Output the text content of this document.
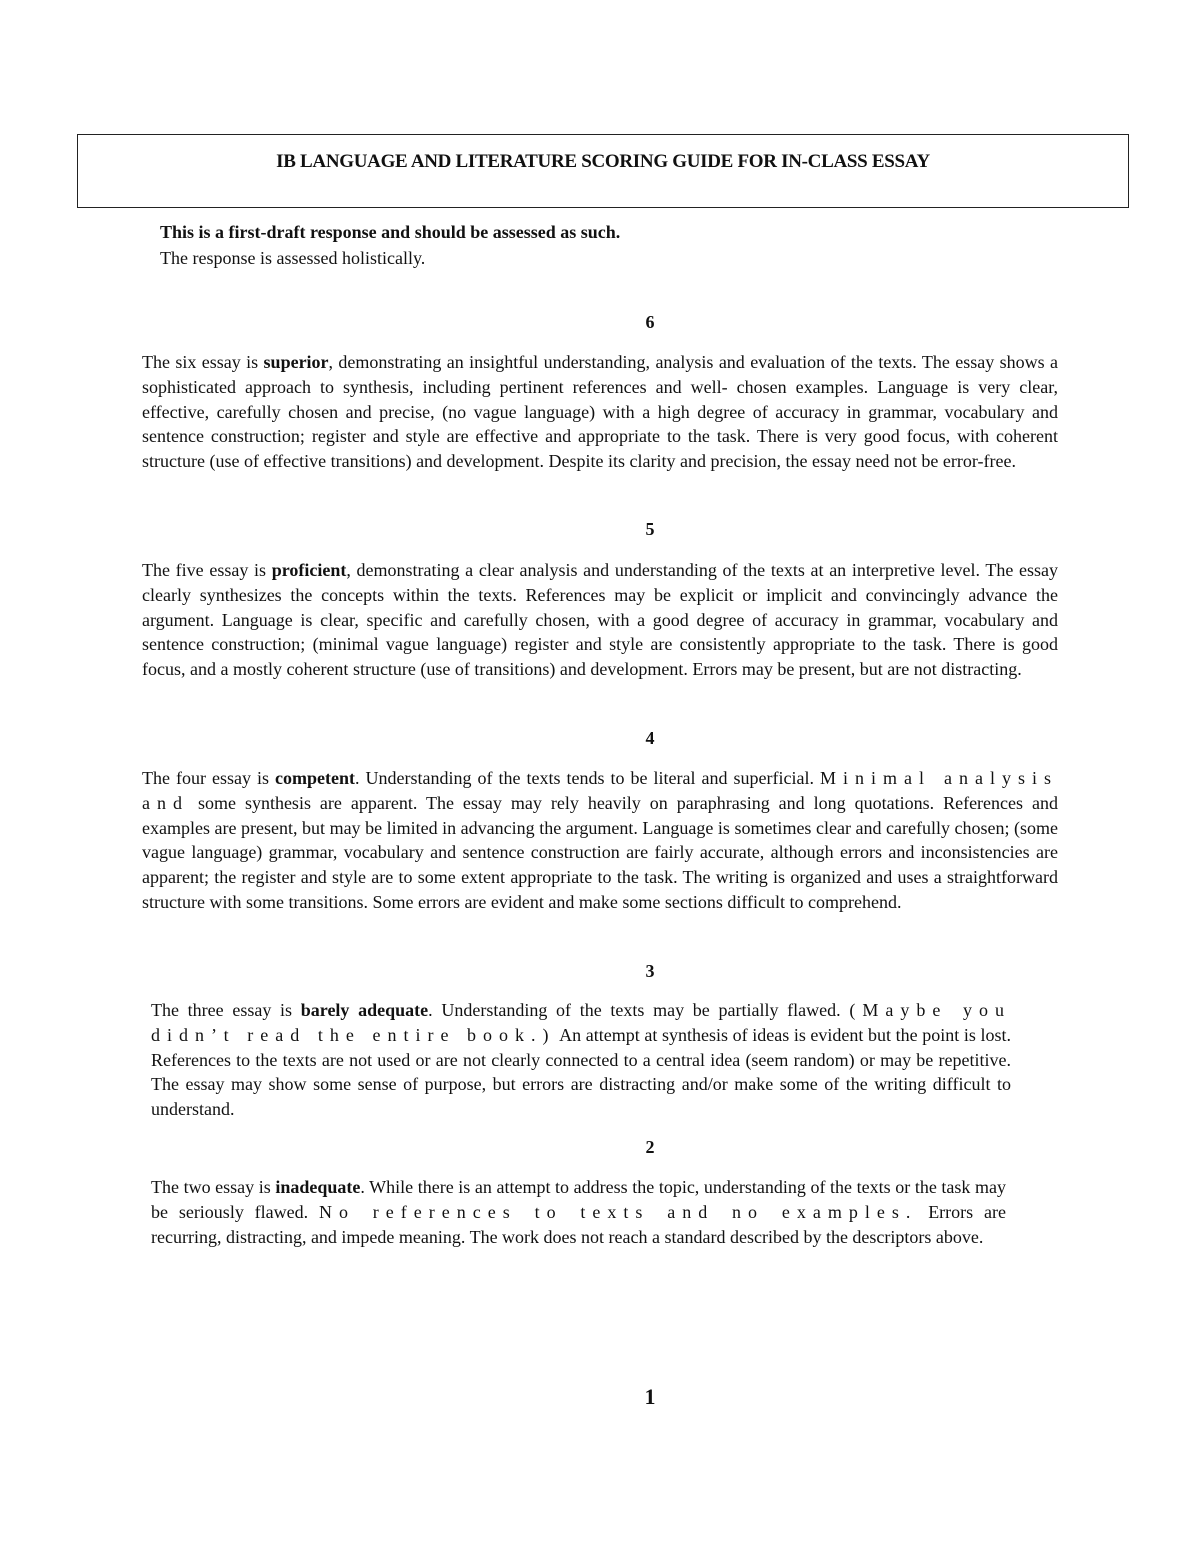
IB LANGUAGE AND LITERATURE SCORING GUIDE FOR IN-CLASS ESSAY
This is a first-draft response and should be assessed as such.
The response is assessed holistically.
6

The six essay is superior, demonstrating an insightful understanding, analysis and evaluation of the texts. The essay shows a sophisticated approach to synthesis, including pertinent references and well- chosen examples. Language is very clear, effective, carefully chosen and precise, (no vague language) with a high degree of accuracy in grammar, vocabulary and sentence construction; register and style are effective and appropriate to the task. There is very good focus, with coherent structure (use of effective transitions) and development. Despite its clarity and precision, the essay need not be error-free.

5

The five essay is proficient, demonstrating a clear analysis and understanding of the texts at an interpretive level. The essay clearly synthesizes the concepts within the texts. References may be explicit or implicit and convincingly advance the argument. Language is clear, specific and carefully chosen, with a good degree of accuracy in grammar, vocabulary and sentence construction; (minimal vague language) register and style are consistently appropriate to the task. There is good focus, and a mostly coherent structure (use of transitions) and development. Errors may be present, but are not distracting.

4

The four essay is competent. Understanding of the texts tends to be literal and superficial. Minimal analysis and some synthesis are apparent. The essay may rely heavily on paraphrasing and long quotations. References and examples are present, but may be limited in advancing the argument. Language is sometimes clear and carefully chosen; (some vague language) grammar, vocabulary and sentence construction are fairly accurate, although errors and inconsistencies are apparent; the register and style are to some extent appropriate to the task. The writing is organized and uses a straightforward structure with some transitions. Some errors are evident and make some sections difficult to comprehend.

3

The three essay is barely adequate. Understanding of the texts may be partially flawed. (Maybe you didn’t read the entire book.) An attempt at synthesis of ideas is evident but the point is lost. References to the texts are not used or are not clearly connected to a central idea (seem random) or may be repetitive. The essay may show some sense of purpose, but errors are distracting and/or make some of the writing difficult to understand.

2

The two essay is inadequate. While there is an attempt to address the topic, understanding of the texts or the task may be seriously flawed. No references to texts and no examples. Errors are recurring, distracting, and impede meaning. The work does not reach a standard described by the descriptors above.

1
